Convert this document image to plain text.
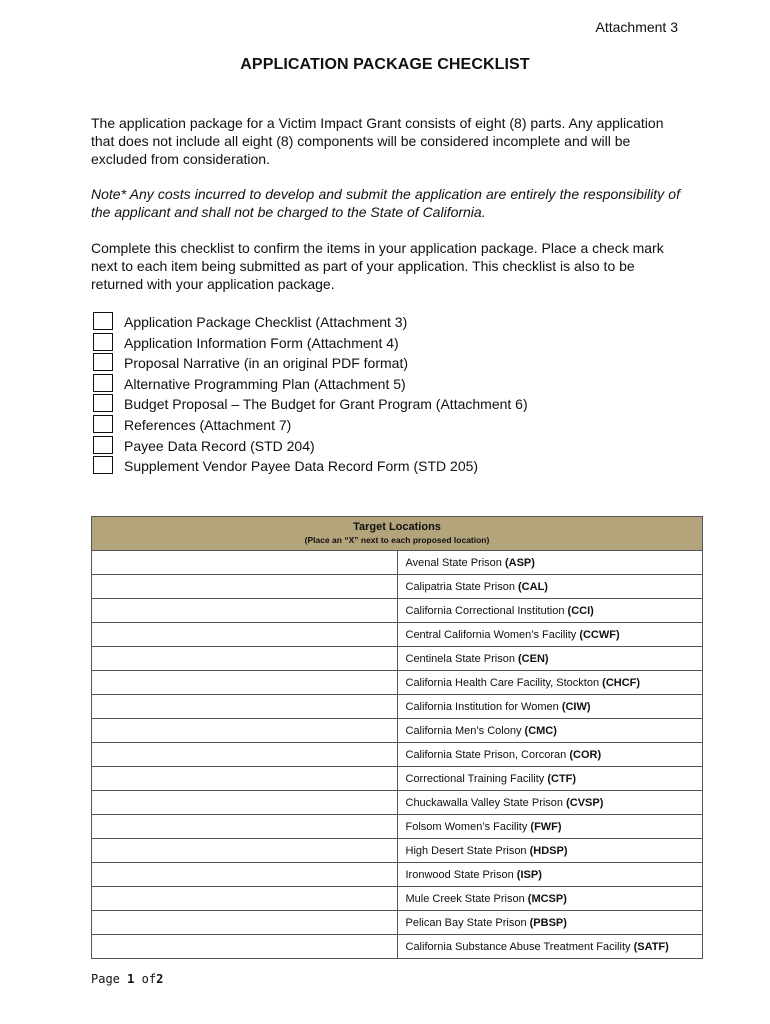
Attachment 3
APPLICATION PACKAGE CHECKLIST

The application package for a Victim Impact Grant consists of eight (8) parts. Any application that does not include all eight (8) components will be considered incomplete and will be excluded from consideration.

Note* Any costs incurred to develop and submit the application are entirely the responsibility of the applicant and shall not be charged to the State of California.

Complete this checklist to confirm the items in your application package. Place a check mark next to each item being submitted as part of your application. This checklist is also to be returned with your application package.

Application Package Checklist (Attachment 3)
Application Information Form (Attachment 4)
Proposal Narrative (in an original PDF format)
Alternative Programming Plan (Attachment 5)
Budget Proposal – The Budget for Grant Program (Attachment 6)
References (Attachment 7)
Payee Data Record (STD 204)
Supplement Vendor Payee Data Record Form (STD 205)
Target Locations
(Place an “X” next to each proposed location)	

	Avenal State Prison (ASP)
	Calipatria State Prison (CAL)
	California Correctional Institution (CCI)
	Central California Women’s Facility (CCWF)
	Centinela State Prison (CEN)
	California Health Care Facility, Stockton (CHCF)
	California Institution for Women (CIW)
	California Men’s Colony (CMC)
	California State Prison, Corcoran (COR)
	Correctional Training Facility (CTF)
	Chuckawalla Valley State Prison (CVSP)
	Folsom Women’s Facility (FWF)
	High Desert State Prison (HDSP)
	Ironwood State Prison (ISP)
	Mule Creek State Prison (MCSP)
	Pelican Bay State Prison (PBSP)
	California Substance Abuse Treatment Facility (SATF)
Page 1 of2
